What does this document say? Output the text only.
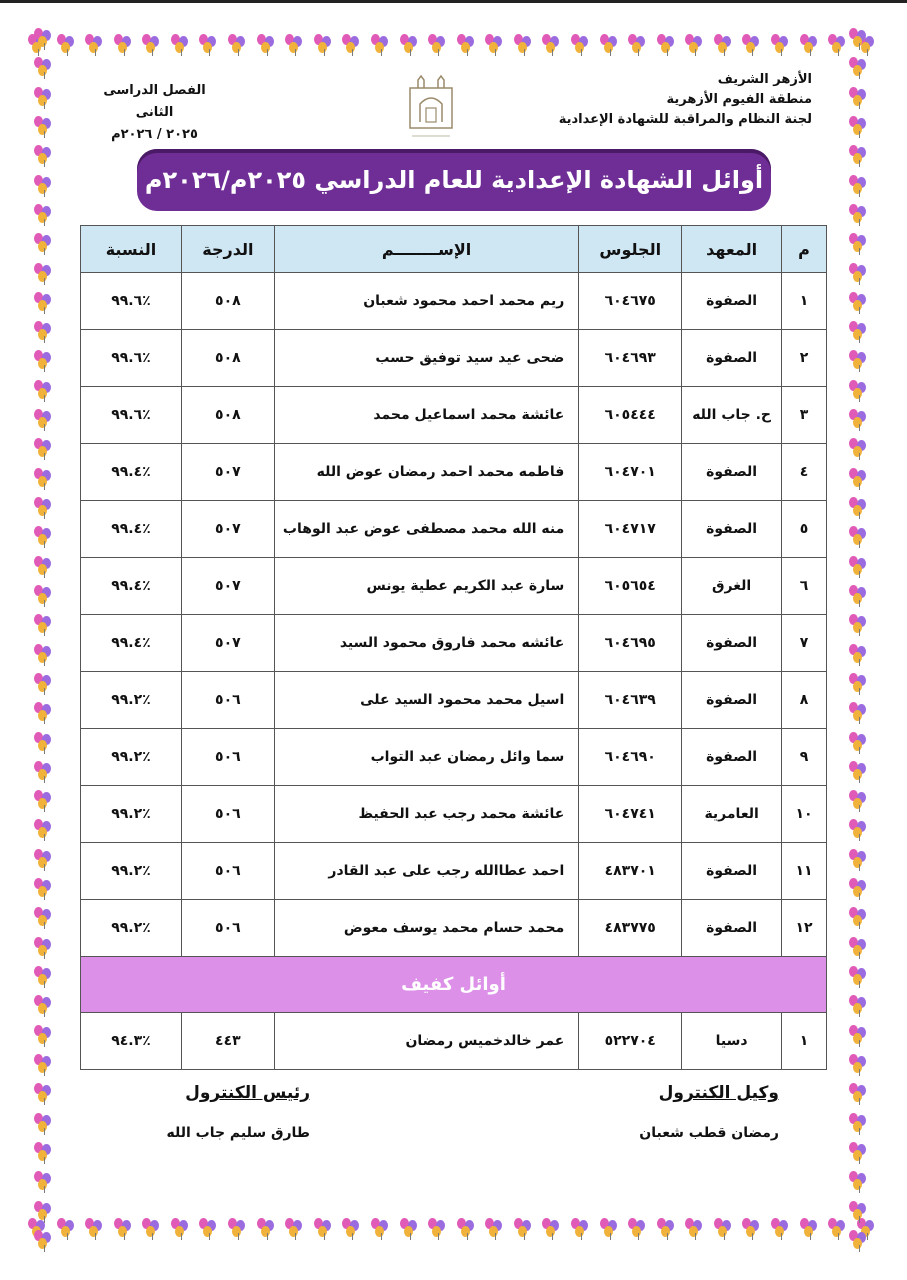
الأزهر الشريف
منطقة الفيوم الأزهرية
لجنة النظام والمراقبة للشهادة الإعدادية
الفصل الدراسى الثانى
٢٠٢٥ / ٢٠٢٦م
أوائل الشهادة الإعدادية للعام الدراسي ٢٠٢٥م/٢٠٢٦م
م	المعهد	الجلوس	الإســــــــم	الدرجة	النسبة
١	الصفوة	٦٠٤٦٧٥	ريم محمد احمد محمود شعبان	٥٠٨	٪٩٩.٦
٢	الصفوة	٦٠٤٦٩٣	ضحى عيد سيد توفيق حسب	٥٠٨	٪٩٩.٦
٣	ح. جاب الله	٦٠٥٤٤٤	عائشة محمد اسماعيل محمد	٥٠٨	٪٩٩.٦
٤	الصفوة	٦٠٤٧٠١	فاطمه محمد احمد رمضان عوض الله	٥٠٧	٪٩٩.٤
٥	الصفوة	٦٠٤٧١٧	منه الله محمد مصطفى عوض عبد الوهاب	٥٠٧	٪٩٩.٤
٦	الغرق	٦٠٥٦٥٤	سارة عبد الكريم عطية يونس	٥٠٧	٪٩٩.٤
٧	الصفوة	٦٠٤٦٩٥	عائشه محمد فاروق محمود السيد	٥٠٧	٪٩٩.٤
٨	الصفوة	٦٠٤٦٣٩	اسيل محمد محمود السيد على	٥٠٦	٪٩٩.٢
٩	الصفوة	٦٠٤٦٩٠	سما وائل رمضان عبد التواب	٥٠٦	٪٩٩.٢
١٠	العامرية	٦٠٤٧٤١	عائشة محمد رجب عبد الحفيظ	٥٠٦	٪٩٩.٢
١١	الصفوة	٤٨٣٧٠١	احمد عطاالله رجب على عبد القادر	٥٠٦	٪٩٩.٢
١٢	الصفوة	٤٨٣٧٧٥	محمد حسام محمد يوسف معوض	٥٠٦	٪٩٩.٢
أوائل كفيف					
١	دسيا	٥٢٢٧٠٤	عمر خالدخميس رمضان	٤٤٣	٪٩٤.٣
وكيل الكنترول
رمضان قطب شعبان
رئيس الكنترول
طارق سليم جاب الله
